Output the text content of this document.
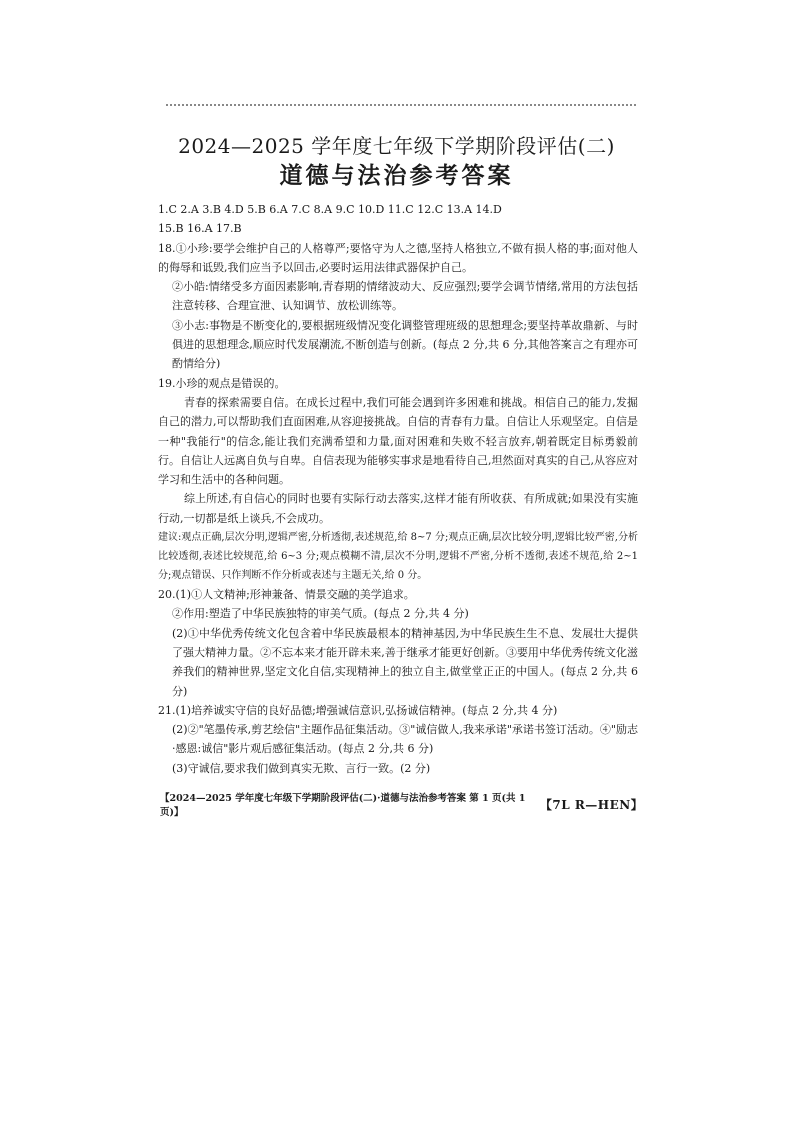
2024—2025 学年度七年级下学期阶段评估(二)
道德与法治参考答案

1.C 2.A 3.B 4.D 5.B 6.A 7.C 8.A 9.C 10.D 11.C 12.C 13.A 14.D

15.B 16.A 17.B

18.①小珍:要学会维护自己的人格尊严;要恪守为人之德,坚持人格独立,不做有损人格的事;面对他人的侮辱和诋毁,我们应当予以回击,必要时运用法律武器保护自己。

②小皓:情绪受多方面因素影响,青春期的情绪波动大、反应强烈;要学会调节情绪,常用的方法包括注意转移、合理宣泄、认知调节、放松训练等。

③小志:事物是不断变化的,要根据班级情况变化调整管理班级的思想理念;要坚持革故鼎新、与时俱进的思想理念,顺应时代发展潮流,不断创造与创新。(每点 2 分,共 6 分,其他答案言之有理亦可酌情给分)

19.小珍的观点是错误的。

青春的探索需要自信。在成长过程中,我们可能会遇到许多困难和挑战。相信自己的能力,发掘自己的潜力,可以帮助我们直面困难,从容迎接挑战。自信的青春有力量。自信让人乐观坚定。自信是一种"我能行"的信念,能让我们充满希望和力量,面对困难和失败不轻言放弃,朝着既定目标勇毅前行。自信让人远离自负与自卑。自信表现为能够实事求是地看待自己,坦然面对真实的自己,从容应对学习和生活中的各种问题。

综上所述,有自信心的同时也要有实际行动去落实,这样才能有所收获、有所成就;如果没有实施行动,一切都是纸上谈兵,不会成功。

建议:观点正确,层次分明,逻辑严密,分析透彻,表述规范,给 8~7 分;观点正确,层次比较分明,逻辑比较严密,分析比较透彻,表述比较规范,给 6~3 分;观点模糊不清,层次不分明,逻辑不严密,分析不透彻,表述不规范,给 2~1 分;观点错误、只作判断不作分析或表述与主题无关,给 0 分。

20.(1)①人文精神;形神兼备、情景交融的美学追求。

②作用:塑造了中华民族独特的审美气质。(每点 2 分,共 4 分)

(2)①中华优秀传统文化包含着中华民族最根本的精神基因,为中华民族生生不息、发展壮大提供了强大精神力量。②不忘本来才能开辟未来,善于继承才能更好创新。③要用中华优秀传统文化滋养我们的精神世界,坚定文化自信,实现精神上的独立自主,做堂堂正正的中国人。(每点 2 分,共 6 分)

21.(1)培养诚实守信的良好品德;增强诚信意识,弘扬诚信精神。(每点 2 分,共 4 分)

(2)②"笔墨传承,剪艺绘信"主题作品征集活动。③"诚信做人,我来承诺"承诺书签订活动。④"励志·感恩:诚信"影片观后感征集活动。(每点 2 分,共 6 分)

(3)守诚信,要求我们做到真实无欺、言行一致。(2 分)

【2024—2025 学年度七年级下学期阶段评估(二)·道德与法治参考答案 第 1 页(共 1 页)】
【7L R—HEN】
